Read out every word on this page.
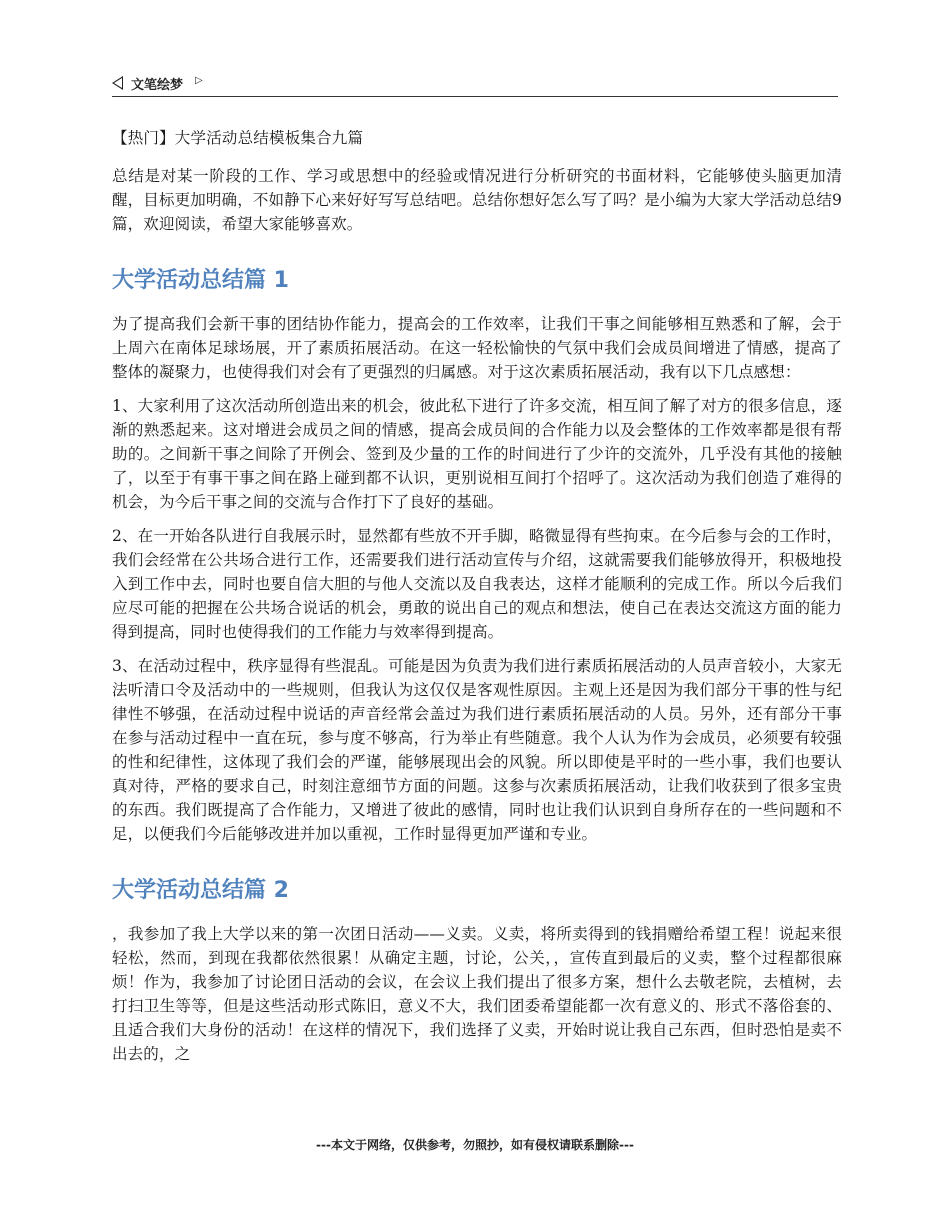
文笔绘梦 ▷
【热门】大学活动总结模板集合九篇

总结是对某一阶段的工作、学习或思想中的经验或情况进行分析研究的书面材料，它能够使头脑更加清醒，目标更加明确，不如静下心来好好写写总结吧。总结你想好怎么写了吗？是小编为大家大学活动总结9篇，欢迎阅读，希望大家能够喜欢。

大学活动总结篇 1

为了提高我们会新干事的团结协作能力，提高会的工作效率，让我们干事之间能够相互熟悉和了解，会于上周六在南体足球场展，开了素质拓展活动。在这一轻松愉快的气氛中我们会成员间增进了情感，提高了整体的凝聚力，也使得我们对会有了更强烈的归属感。对于这次素质拓展活动，我有以下几点感想：

1、大家利用了这次活动所创造出来的机会，彼此私下进行了许多交流，相互间了解了对方的很多信息，逐渐的熟悉起来。这对增进会成员之间的情感，提高会成员间的合作能力以及会整体的工作效率都是很有帮助的。之间新干事之间除了开例会、签到及少量的工作的时间进行了少许的交流外，几乎没有其他的接触了，以至于有事干事之间在路上碰到都不认识，更别说相互间打个招呼了。这次活动为我们创造了难得的机会，为今后干事之间的交流与合作打下了良好的基础。

2、在一开始各队进行自我展示时，显然都有些放不开手脚，略微显得有些拘束。在今后参与会的工作时，我们会经常在公共场合进行工作，还需要我们进行活动宣传与介绍，这就需要我们能够放得开，积极地投入到工作中去，同时也要自信大胆的与他人交流以及自我表达，这样才能顺利的完成工作。所以今后我们应尽可能的把握在公共场合说话的机会，勇敢的说出自己的观点和想法，使自己在表达交流这方面的能力得到提高，同时也使得我们的工作能力与效率得到提高。

3、在活动过程中，秩序显得有些混乱。可能是因为负责为我们进行素质拓展活动的人员声音较小，大家无法听清口令及活动中的一些规则，但我认为这仅仅是客观性原因。主观上还是因为我们部分干事的性与纪律性不够强，在活动过程中说话的声音经常会盖过为我们进行素质拓展活动的人员。另外，还有部分干事在参与活动过程中一直在玩，参与度不够高，行为举止有些随意。我个人认为作为会成员，必须要有较强的性和纪律性，这体现了我们会的严谨，能够展现出会的风貌。所以即使是平时的一些小事，我们也要认真对待，严格的要求自己，时刻注意细节方面的问题。这参与次素质拓展活动，让我们收获到了很多宝贵的东西。我们既提高了合作能力，又增进了彼此的感情，同时也让我们认识到自身所存在的一些问题和不足，以便我们今后能够改进并加以重视，工作时显得更加严谨和专业。

大学活动总结篇 2

，我参加了我上大学以来的第一次团日活动——义卖。义卖，将所卖得到的钱捐赠给希望工程！说起来很轻松，然而，到现在我都依然很累！从确定主题，讨论，公关，，宣传直到最后的义卖，整个过程都很麻烦！作为，我参加了讨论团日活动的会议，在会议上我们提出了很多方案，想什么去敬老院，去植树，去打扫卫生等等，但是这些活动形式陈旧，意义不大，我们团委希望能都一次有意义的、形式不落俗套的、且适合我们大身份的活动！在这样的情况下，我们选择了义卖，开始时说让我自己东西，但时恐怕是卖不出去的，之

---本文于网络，仅供参考，勿照抄，如有侵权请联系删除---
